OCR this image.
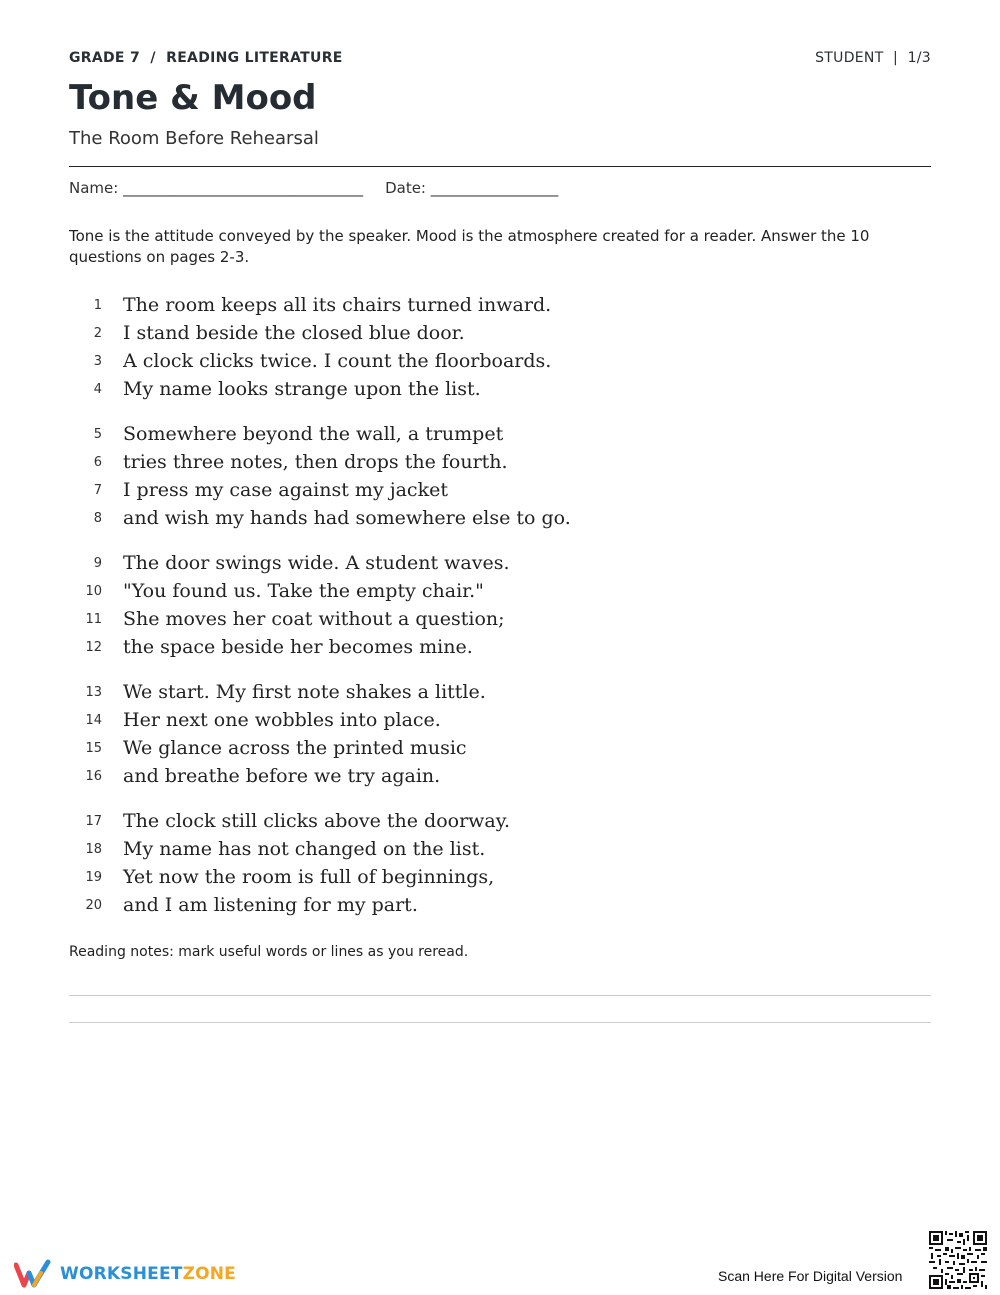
GRADE 7  /  READING LITERATURE	STUDENT  |  1/3
Tone & Mood
The Room Before Rehearsal
Name: ________________________________ Date: _________________
Tone is the attitude conveyed by the speaker. Mood is the atmosphere created for a reader. Answer the 10 questions on pages 2-3.
1 The room keeps all its chairs turned inward.
2 I stand beside the closed blue door.
3 A clock clicks twice. I count the floorboards.
4 My name looks strange upon the list.
5 Somewhere beyond the wall, a trumpet
6 tries three notes, then drops the fourth.
7 I press my case against my jacket
8 and wish my hands had somewhere else to go.
9 The door swings wide. A student waves.
10 "You found us. Take the empty chair."
11 She moves her coat without a question;
12 the space beside her becomes mine.
13 We start. My first note shakes a little.
14 Her next one wobbles into place.
15 We glance across the printed music
16 and breathe before we try again.
17 The clock still clicks above the doorway.
18 My name has not changed on the list.
19 Yet now the room is full of beginnings,
20 and I am listening for my part.
Reading notes: mark useful words or lines as you reread.
WORKSHEETZONE	Scan Here For Digital Version
